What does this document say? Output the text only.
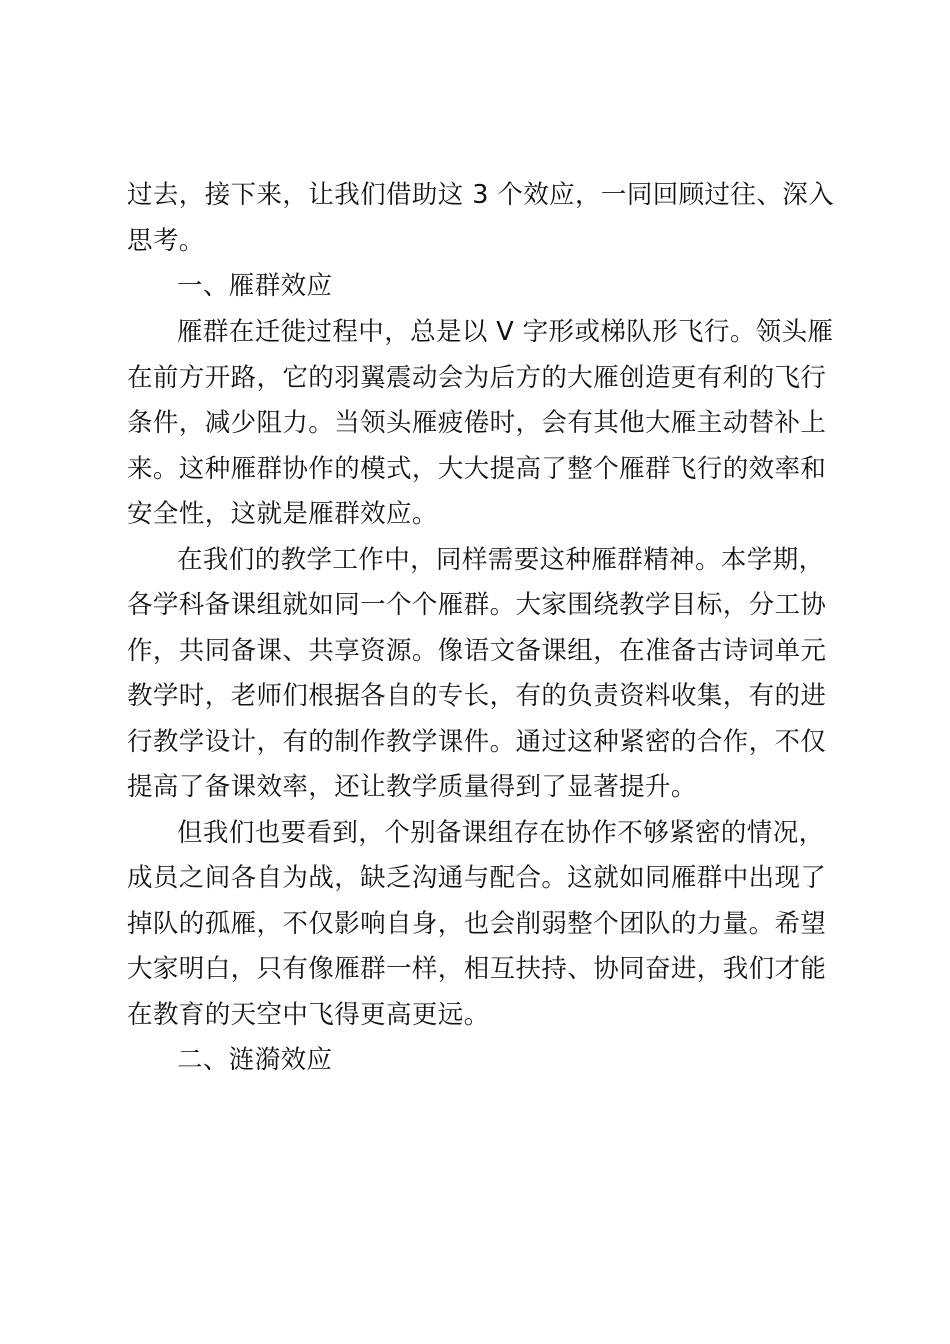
过去，接下来，让我们借助这 3 个效应，一同回顾过往、深入
思考。
一、雁群效应
雁群在迁徙过程中，总是以 V 字形或梯队形飞行。领头雁
在前方开路，它的羽翼震动会为后方的大雁创造更有利的飞行
条件，减少阻力。当领头雁疲倦时，会有其他大雁主动替补上
来。这种雁群协作的模式，大大提高了整个雁群飞行的效率和
安全性，这就是雁群效应。
在我们的教学工作中，同样需要这种雁群精神。本学期，
各学科备课组就如同一个个雁群。大家围绕教学目标，分工协
作，共同备课、共享资源。像语文备课组，在准备古诗词单元
教学时，老师们根据各自的专长，有的负责资料收集，有的进
行教学设计，有的制作教学课件。通过这种紧密的合作，不仅
提高了备课效率，还让教学质量得到了显著提升。
但我们也要看到，个别备课组存在协作不够紧密的情况，
成员之间各自为战，缺乏沟通与配合。这就如同雁群中出现了
掉队的孤雁，不仅影响自身，也会削弱整个团队的力量。希望
大家明白，只有像雁群一样，相互扶持、协同奋进，我们才能
在教育的天空中飞得更高更远。
二、涟漪效应
